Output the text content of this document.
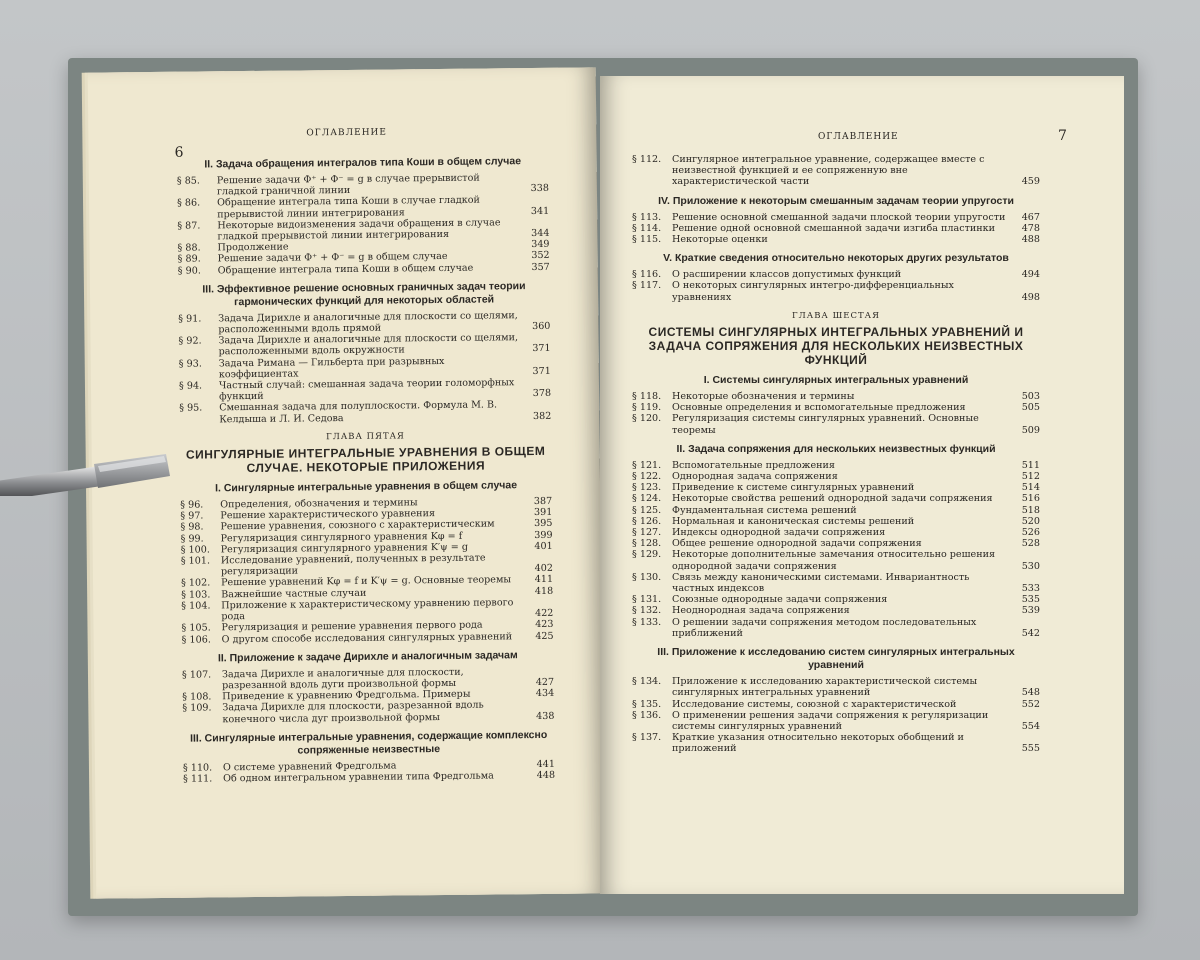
ОГЛАВЛЕНИЕ
6
II. Задача обращения интегралов типа Коши в общем случае
§ 85.	Решение задачи Φ⁺ + Φ⁻ = g в случае прерывистой гладкой граничной линии	338
§ 86.	Обращение интеграла типа Коши в случае гладкой прерывистой линии интегрирования	341
§ 87.	Некоторые видоизменения задачи обращения в случае гладкой прерывистой линии интегрирования	344
§ 88.	Продолжение	349
§ 89.	Решение задачи Φ⁺ + Φ⁻ = g в общем случае	352
§ 90.	Обращение интеграла типа Коши в общем случае	357
III. Эффективное решение основных граничных задач теории гармонических функций для некоторых областей
§ 91.	Задача Дирихле и аналогичные для плоскости со щелями, расположенными вдоль прямой	360
§ 92.	Задача Дирихле и аналогичные для плоскости со щелями, расположенными вдоль окружности	371
§ 93.	Задача Римана — Гильберта при разрывных коэффициентах	371
§ 94.	Частный случай: смешанная задача теории голоморфных функций	378
§ 95.	Смешанная задача для полуплоскости. Формула М. В. Келдыша и Л. И. Седова	382
ГЛАВА ПЯТАЯ
СИНГУЛЯРНЫЕ ИНТЕГРАЛЬНЫЕ УРАВНЕНИЯ В ОБЩЕМ СЛУЧАЕ. НЕКОТОРЫЕ ПРИЛОЖЕНИЯ
I. Сингулярные интегральные уравнения в общем случае
§ 96.	Определения, обозначения и термины	387
§ 97.	Решение характеристического уравнения	391
§ 98.	Решение уравнения, союзного с характеристическим	395
§ 99.	Регуляризация сингулярного уравнения Kφ = f	399
§ 100.	Регуляризация сингулярного уравнения K′ψ = g	401
§ 101.	Исследование уравнений, полученных в результате регуляризации	402
§ 102.	Решение уравнений Kφ = f и K′ψ = g. Основные теоремы	411
§ 103.	Важнейшие частные случаи	418
§ 104.	Приложение к характеристическому уравнению первого рода	422
§ 105.	Регуляризация и решение уравнения первого рода	423
§ 106.	О другом способе исследования сингулярных уравнений	425
II. Приложение к задаче Дирихле и аналогичным задачам
§ 107.	Задача Дирихле и аналогичные для плоскости, разрезанной вдоль дуги произвольной формы	427
§ 108.	Приведение к уравнению Фредгольма. Примеры	434
§ 109.	Задача Дирихле для плоскости, разрезанной вдоль конечного числа дуг произвольной формы	438
III. Сингулярные интегральные уравнения, содержащие комплексно сопряженные неизвестные
§ 110.	О системе уравнений Фредгольма	441
§ 111.	Об одном интегральном уравнении типа Фредгольма	448
ОГЛАВЛЕНИЕ	7
§ 112.	Сингулярное интегральное уравнение, содержащее вместе с неизвестной функцией и ее сопряженную вне характеристической части	459
IV. Приложение к некоторым смешанным задачам теории упругости
§ 113.	Решение основной смешанной задачи плоской теории упругости	467
§ 114.	Решение одной основной смешанной задачи изгиба пластинки	478
§ 115.	Некоторые оценки	488
V. Краткие сведения относительно некоторых других результатов
§ 116.	О расширении классов допустимых функций	494
§ 117.	О некоторых сингулярных интегро-дифференциальных уравнениях	498
ГЛАВА ШЕСТАЯ
СИСТЕМЫ СИНГУЛЯРНЫХ ИНТЕГРАЛЬНЫХ УРАВНЕНИЙ И ЗАДАЧА СОПРЯЖЕНИЯ ДЛЯ НЕСКОЛЬКИХ НЕИЗВЕСТНЫХ ФУНКЦИЙ
I. Системы сингулярных интегральных уравнений
§ 118.	Некоторые обозначения и термины	503
§ 119.	Основные определения и вспомогательные предложения	505
§ 120.	Регуляризация системы сингулярных уравнений. Основные теоремы	509
II. Задача сопряжения для нескольких неизвестных функций
§ 121.	Вспомогательные предложения	511
§ 122.	Однородная задача сопряжения	512
§ 123.	Приведение к системе сингулярных уравнений	514
§ 124.	Некоторые свойства решений однородной задачи сопряжения	516
§ 125.	Фундаментальная система решений	518
§ 126.	Нормальная и каноническая системы решений	520
§ 127.	Индексы однородной задачи сопряжения	526
§ 128.	Общее решение однородной задачи сопряжения	528
§ 129.	Некоторые дополнительные замечания относительно решения однородной задачи сопряжения	530
§ 130.	Связь между каноническими системами. Инвариантность частных индексов	533
§ 131.	Союзные однородные задачи сопряжения	535
§ 132.	Неоднородная задача сопряжения	539
§ 133.	О решении задачи сопряжения методом последовательных приближений	542
III. Приложение к исследованию систем сингулярных интегральных уравнений
§ 134.	Приложение к исследованию характеристической системы сингулярных интегральных уравнений	548
§ 135.	Исследование системы, союзной с характеристической	552
§ 136.	О применении решения задачи сопряжения к регуляризации системы сингулярных уравнений	554
§ 137.	Краткие указания относительно некоторых обобщений и приложений	555
